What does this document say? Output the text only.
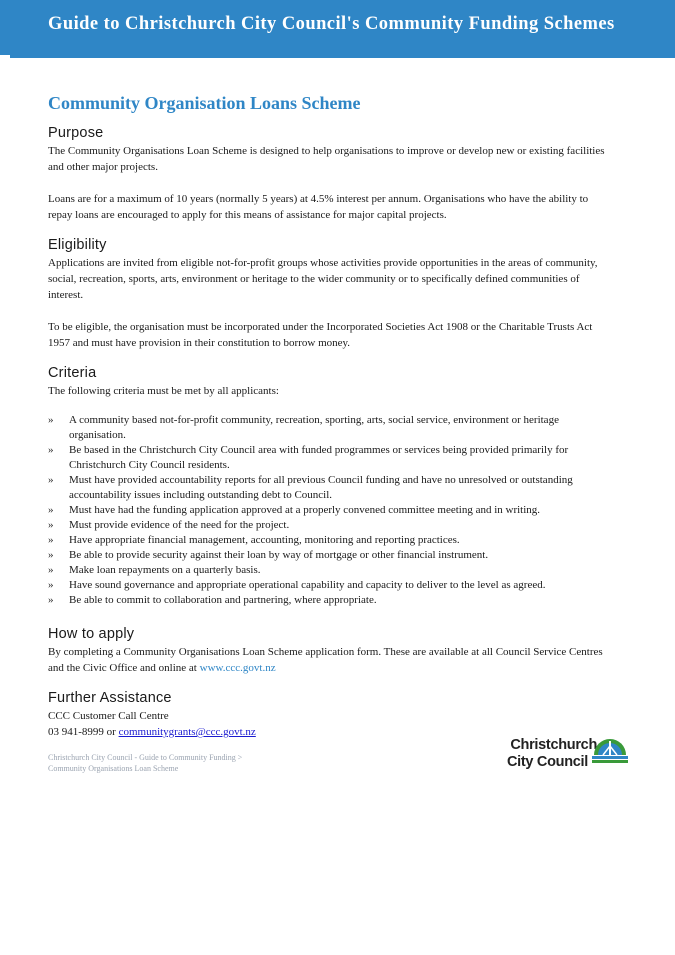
Guide to Christchurch City Council's Community Funding Schemes
Community Organisation Loans Scheme
Purpose

The Community Organisations Loan Scheme is designed to help organisations to improve or develop new or existing facilities and other major projects.

Loans are for a maximum of 10 years (normally 5 years) at 4.5% interest per annum. Organisations who have the ability to repay loans are encouraged to apply for this means of assistance for major capital projects.

Eligibility

Applications are invited from eligible not-for-profit groups whose activities provide opportunities in the areas of community, social, recreation, sports, arts, environment or heritage to the wider community or to specifically defined communities of interest.

To be eligible, the organisation must be incorporated under the Incorporated Societies Act 1908 or the Charitable Trusts Act 1957 and must have provision in their constitution to borrow money.

Criteria

The following criteria must be met by all applicants:

» A community based not-for-profit community, recreation, sporting, arts, social service, environment or heritage organisation.
» Be based in the Christchurch City Council area with funded programmes or services being provided primarily for Christchurch City Council residents.
» Must have provided accountability reports for all previous Council funding and have no unresolved or outstanding accountability issues including outstanding debt to Council.
» Must have had the funding application approved at a properly convened committee meeting and in writing.
» Must provide evidence of the need for the project.
» Have appropriate financial management, accounting, monitoring and reporting practices.
» Be able to provide security against their loan by way of mortgage or other financial instrument.
» Make loan repayments on a quarterly basis.
» Have sound governance and appropriate operational capability and capacity to deliver to the level as agreed.
» Be able to commit to collaboration and partnering, where appropriate.
How to apply

By completing a Community Organisations Loan Scheme application form. These are available at all Council Service Centres and the Civic Office and online at www.ccc.govt.nz

Further Assistance

CCC Customer Call Centre

03 941-8999 or communitygrants@ccc.govt.nz

Christchurch City Council - Guide to Community Funding >
Community Organisations Loan Scheme
Christchurch
City Council
